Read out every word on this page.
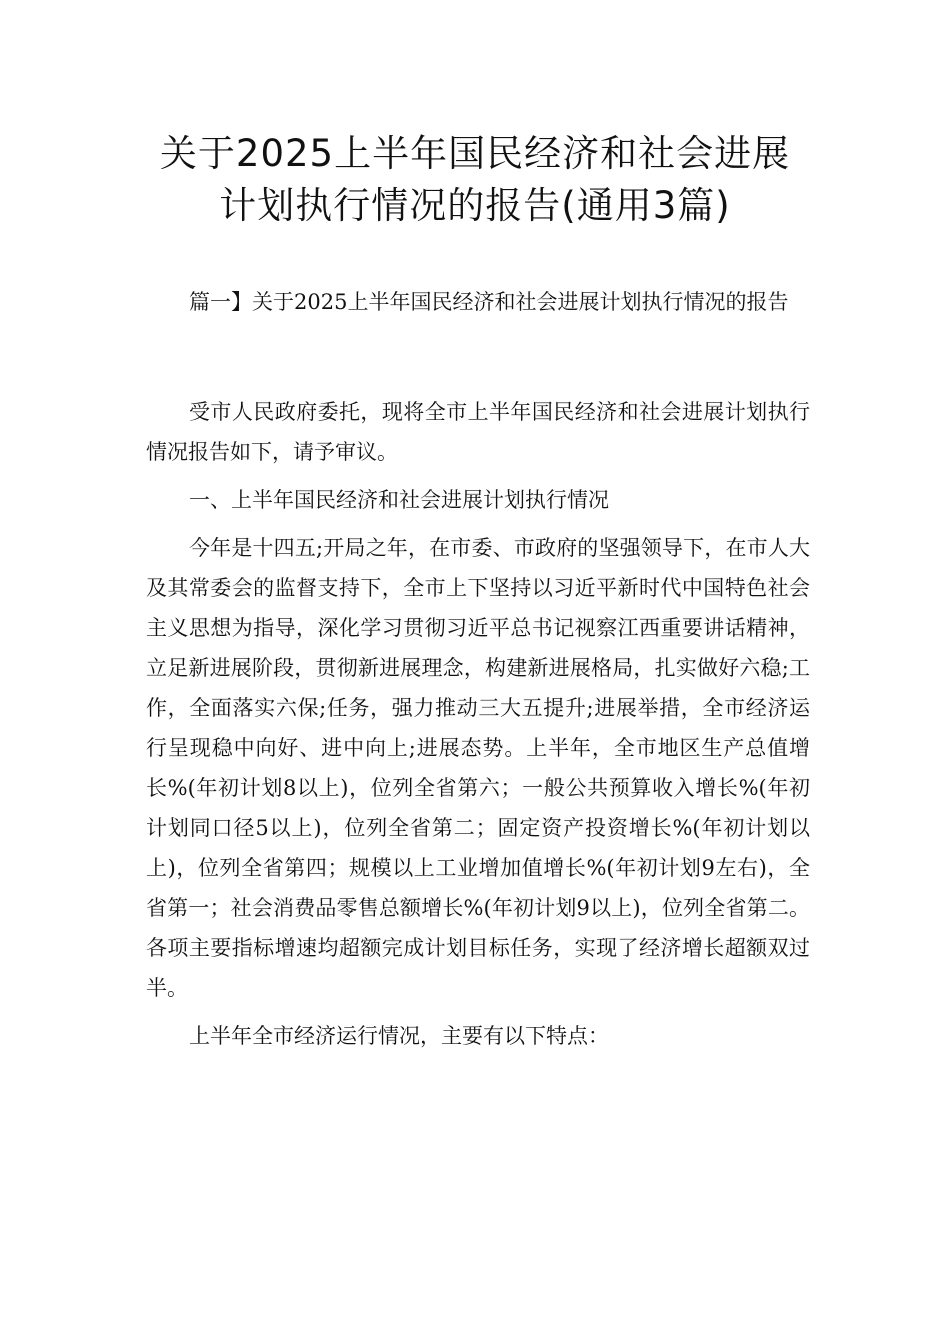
关于2025上半年国民经济和社会进展
计划执行情况的报告(通用3篇)

篇一】关于2025上半年国民经济和社会进展计划执行情况的报告

受市人民政府委托，现将全市上半年国民经济和社会进展计划执行情况报告如下，请予审议。

一、上半年国民经济和社会进展计划执行情况

今年是十四五;开局之年，在市委、市政府的坚强领导下，在市人大及其常委会的监督支持下，全市上下坚持以习近平新时代中国特色社会主义思想为指导，深化学习贯彻习近平总书记视察江西重要讲话精神，立足新进展阶段，贯彻新进展理念，构建新进展格局，扎实做好六稳;工作，全面落实六保;任务，强力推动三大五提升;进展举措，全市经济运行呈现稳中向好、进中向上;进展态势。上半年，全市地区生产总值增长%(年初计划8以上)，位列全省第六；一般公共预算收入增长%(年初计划同口径5以上)，位列全省第二；固定资产投资增长%(年初计划以上)，位列全省第四；规模以上工业增加值增长%(年初计划9左右)，全省第一；社会消费品零售总额增长%(年初计划9以上)，位列全省第二。各项主要指标增速均超额完成计划目标任务，实现了经济增长超额双过半。

上半年全市经济运行情况，主要有以下特点：
